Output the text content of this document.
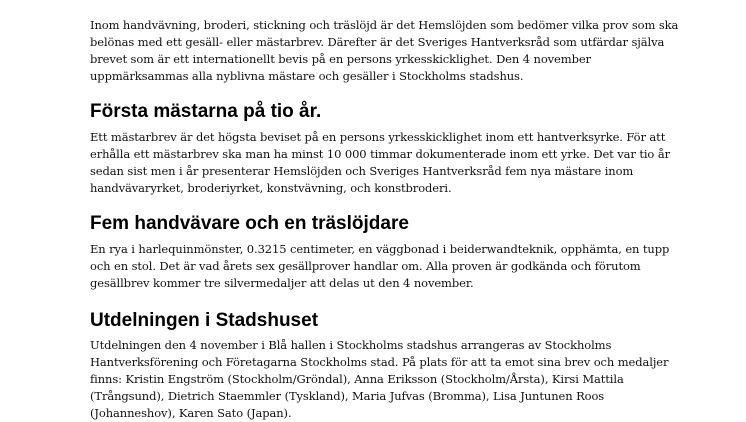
Inom handvävning, broderi, stickning och träslöjd är det Hemslöjden som bedömer vilka prov som ska
belönas med ett gesäll- eller mästarbrev. Därefter är det Sveriges Hantverksråd som utfärdar själva
brevet som är ett internationellt bevis på en persons yrkesskicklighet. Den 4 november
uppmärksammas alla nyblivna mästare och gesäller i Stockholms stadshus.
Första mästarna på tio år.
Ett mästarbrev är det högsta beviset på en persons yrkesskicklighet inom ett hantverksyrke. För att
erhålla ett mästarbrev ska man ha minst 10 000 timmar dokumenterade inom ett yrke. Det var tio år
sedan sist men i år presenterar Hemslöjden och Sveriges Hantverksråd fem nya mästare inom
handvävaryrket, broderiyrket, konstvävning, och konstbroderi.
Fem handvävare och en träslöjdare
En rya i harlequinmönster, 0.3215 centimeter, en väggbonad i beiderwandteknik, opphämta, en tupp
och en stol. Det är vad årets sex gesällprover handlar om. Alla proven är godkända och förutom
gesällbrev kommer tre silvermedaljer att delas ut den 4 november.
Utdelningen i Stadshuset
Utdelningen den 4 november i Blå hallen i Stockholms stadshus arrangeras av Stockholms
Hantverksförening och Företagarna Stockholms stad. På plats för att ta emot sina brev och medaljer
finns: Kristin Engström (Stockholm/Gröndal), Anna Eriksson (Stockholm/Årsta), Kirsi Mattila
(Trångsund), Dietrich Staemmler (Tyskland), Maria Jufvas (Bromma), Lisa Juntunen Roos
(Johanneshov), Karen Sato (Japan).
